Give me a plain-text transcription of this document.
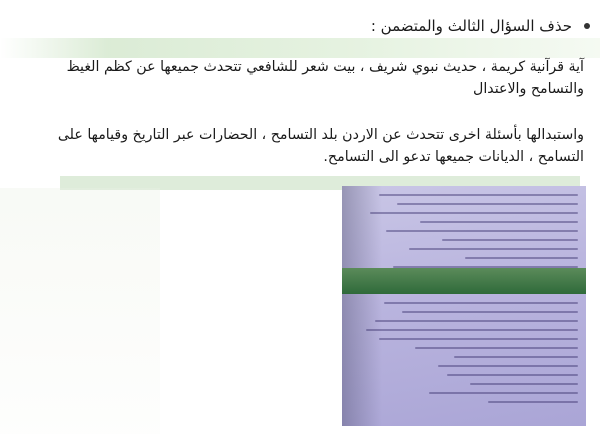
حذف السؤال الثالث والمتضمن :
آية قرآنية كريمة ، حديث نبوي شريف ، بيت شعر للشافعي تتحدث جميعها عن كظم الغيظ والتسامح والاعتدال
واستبدالها بأسئلة اخرى تتحدث عن الاردن بلد التسامح ، الحضارات عبر التاريخ وقيامها على التسامح ، الديانات جميعها تدعو الى التسامح.
